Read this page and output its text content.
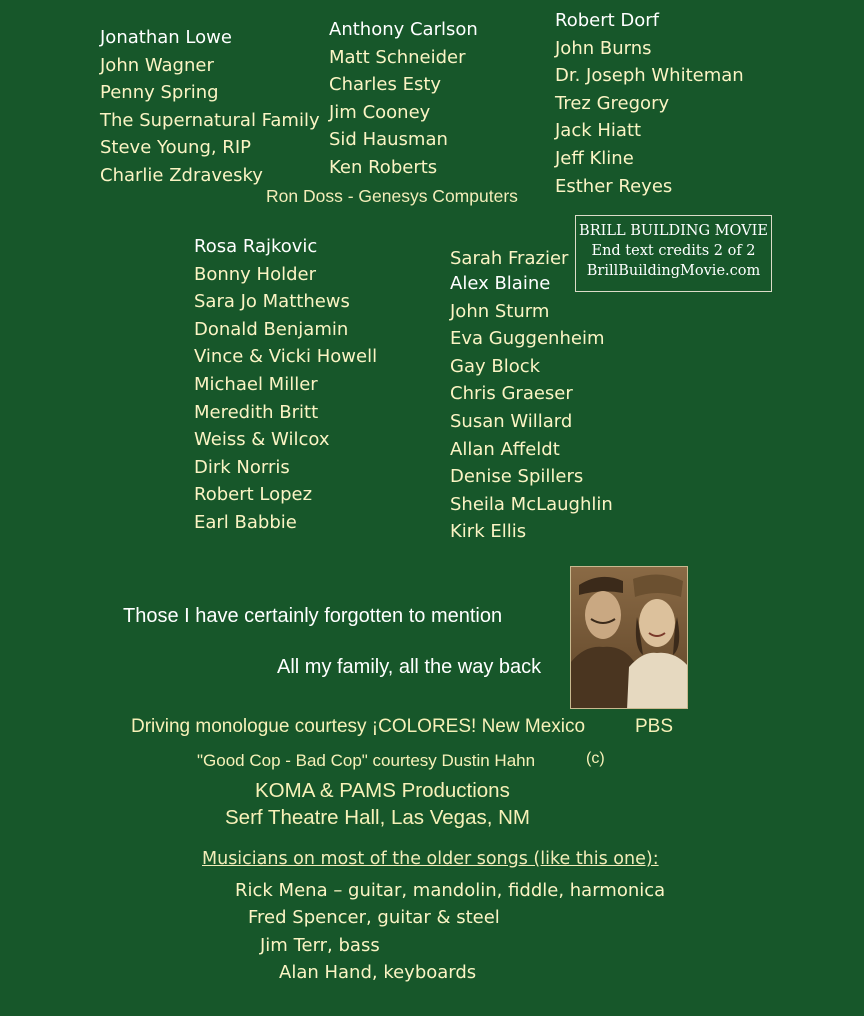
Jonathan Lowe
John Wagner
Penny Spring
The Supernatural Family
Steve Young, RIP
Charlie Zdravesky
Anthony Carlson
Matt Schneider
Charles Esty
Jim Cooney
Sid Hausman
Ken Roberts
Robert Dorf
John Burns
Dr. Joseph Whiteman
Trez Gregory
Jack Hiatt
Jeff Kline
Esther Reyes
Ron Doss - Genesys Computers
BRILL BUILDING MOVIE
End text credits 2 of 2
BrillBuildingMovie.com
Rosa Rajkovic
Bonny Holder
Sara Jo Matthews
Donald Benjamin
Vince & Vicki Howell
Michael Miller
Meredith Britt
Weiss & Wilcox
Dirk Norris
Robert Lopez
Earl Babbie
Sarah Frazier
Alex Blaine
John Sturm
Eva Guggenheim
Gay Block
Chris Graeser
Susan Willard
Allan Affeldt
Denise Spillers
Sheila McLaughlin
Kirk Ellis
Those I have certainly forgotten to mention
All my family, all the way back
Driving monologue courtesy ¡COLORES! New Mexico	PBS
"Good Cop - Bad Cop" courtesy Dustin Hahn	(c)
KOMA & PAMS Productions
Serf Theatre Hall, Las Vegas, NM
Musicians on most of the older songs (like this one):
Rick Mena – guitar, mandolin, fiddle, harmonica
Fred Spencer, guitar & steel
Jim Terr, bass
Alan Hand, keyboards
